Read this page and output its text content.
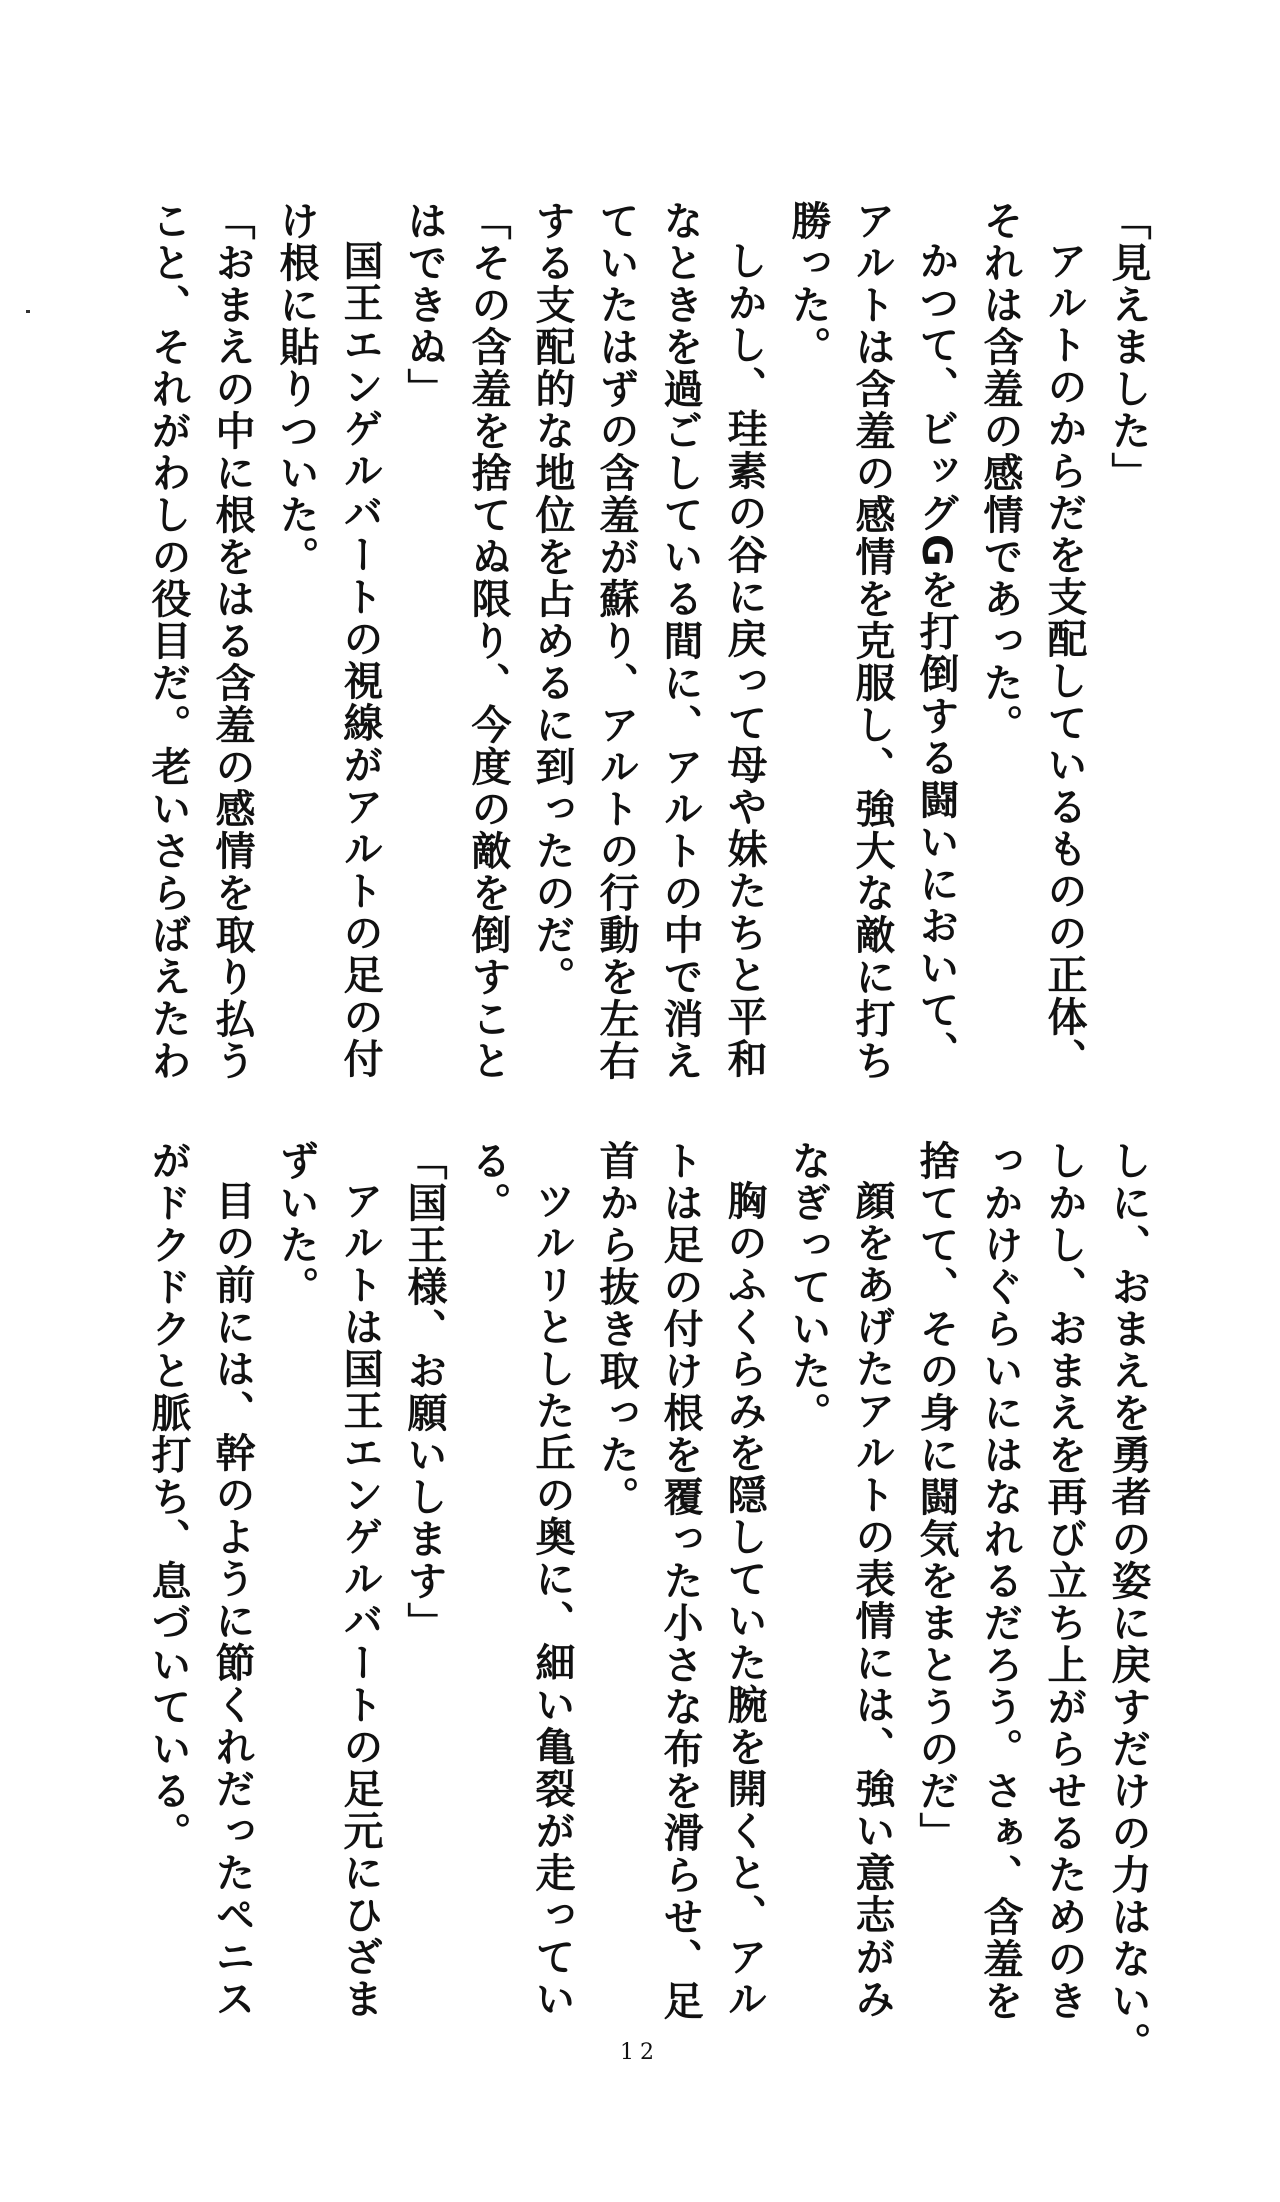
「見えました」
アルトのからだを支配しているものの正体、
それは含羞の感情であった。
かつて、ビッグGを打倒する闘いにおいて、
アルトは含羞の感情を克服し、強大な敵に打ち
勝った。
しかし、珪素の谷に戻って母や妹たちと平和
なときを過ごしている間に、アルトの中で消え
ていたはずの含羞が蘇り、アルトの行動を左右
する支配的な地位を占めるに到ったのだ。
「その含羞を捨てぬ限り、今度の敵を倒すこと
はできぬ」
国王エンゲルバートの視線がアルトの足の付
け根に貼りついた。
「おまえの中に根をはる含羞の感情を取り払う
こと、それがわしの役目だ。老いさらばえたわ
しに、おまえを勇者の姿に戻すだけの力はない。
しかし、おまえを再び立ち上がらせるためのき
っかけぐらいにはなれるだろう。さぁ、含羞を
捨てて、その身に闘気をまとうのだ」
顔をあげたアルトの表情には、強い意志がみ
なぎっていた。
胸のふくらみを隠していた腕を開くと、アル
トは足の付け根を覆った小さな布を滑らせ、足
首から抜き取った。
ツルリとした丘の奥に、細い亀裂が走ってい
る。
「国王様、お願いします」
アルトは国王エンゲルバートの足元にひざま
ずいた。
目の前には、幹のように節くれだったペニス
がドクドクと脈打ち、息づいている。
12
